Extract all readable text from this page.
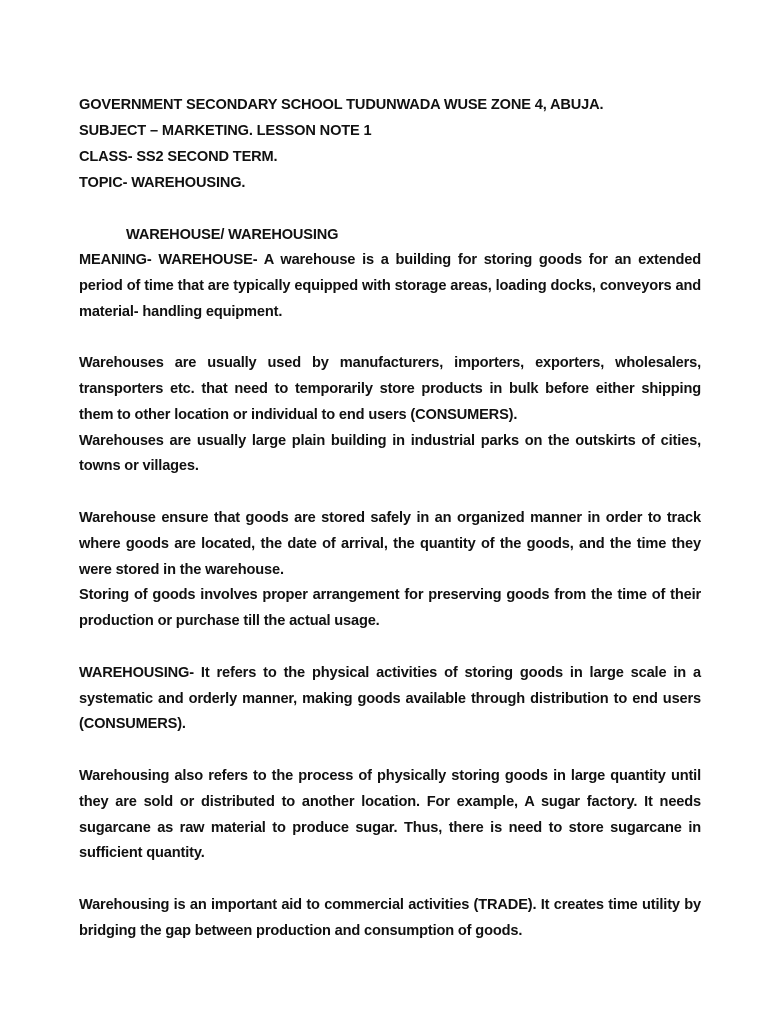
GOVERNMENT SECONDARY SCHOOL TUDUNWADA WUSE ZONE 4, ABUJA.
SUBJECT – MARKETING. LESSON NOTE 1
CLASS- SS2 SECOND TERM.
TOPIC- WAREHOUSING.
WAREHOUSE/ WAREHOUSING
MEANING- WAREHOUSE- A warehouse is a building for storing goods for an extended period of time that are typically equipped with storage areas, loading docks, conveyors and material- handling equipment.
Warehouses are usually used by manufacturers, importers, exporters, wholesalers, transporters etc. that need to temporarily store products in bulk before either shipping them to other location or individual to end users (CONSUMERS).
Warehouses are usually large plain building in industrial parks on the outskirts of cities, towns or villages.
Warehouse ensure that goods are stored safely in an organized manner in order to track where goods are located, the date of arrival, the quantity of the goods, and the time they were stored in the warehouse.
Storing of goods involves proper arrangement for preserving goods from the time of their production or purchase till the actual usage.
WAREHOUSING- It refers to the physical activities of storing goods in large scale in a systematic and orderly manner, making goods available through distribution to end users (CONSUMERS).
Warehousing also refers to the process of physically storing goods in large quantity until they are sold or distributed to another location. For example, A sugar factory. It needs sugarcane as raw material to produce sugar. Thus, there is need to store sugarcane in sufficient quantity.
Warehousing is an important aid to commercial activities (TRADE). It creates time utility by bridging the gap between production and consumption of goods.
